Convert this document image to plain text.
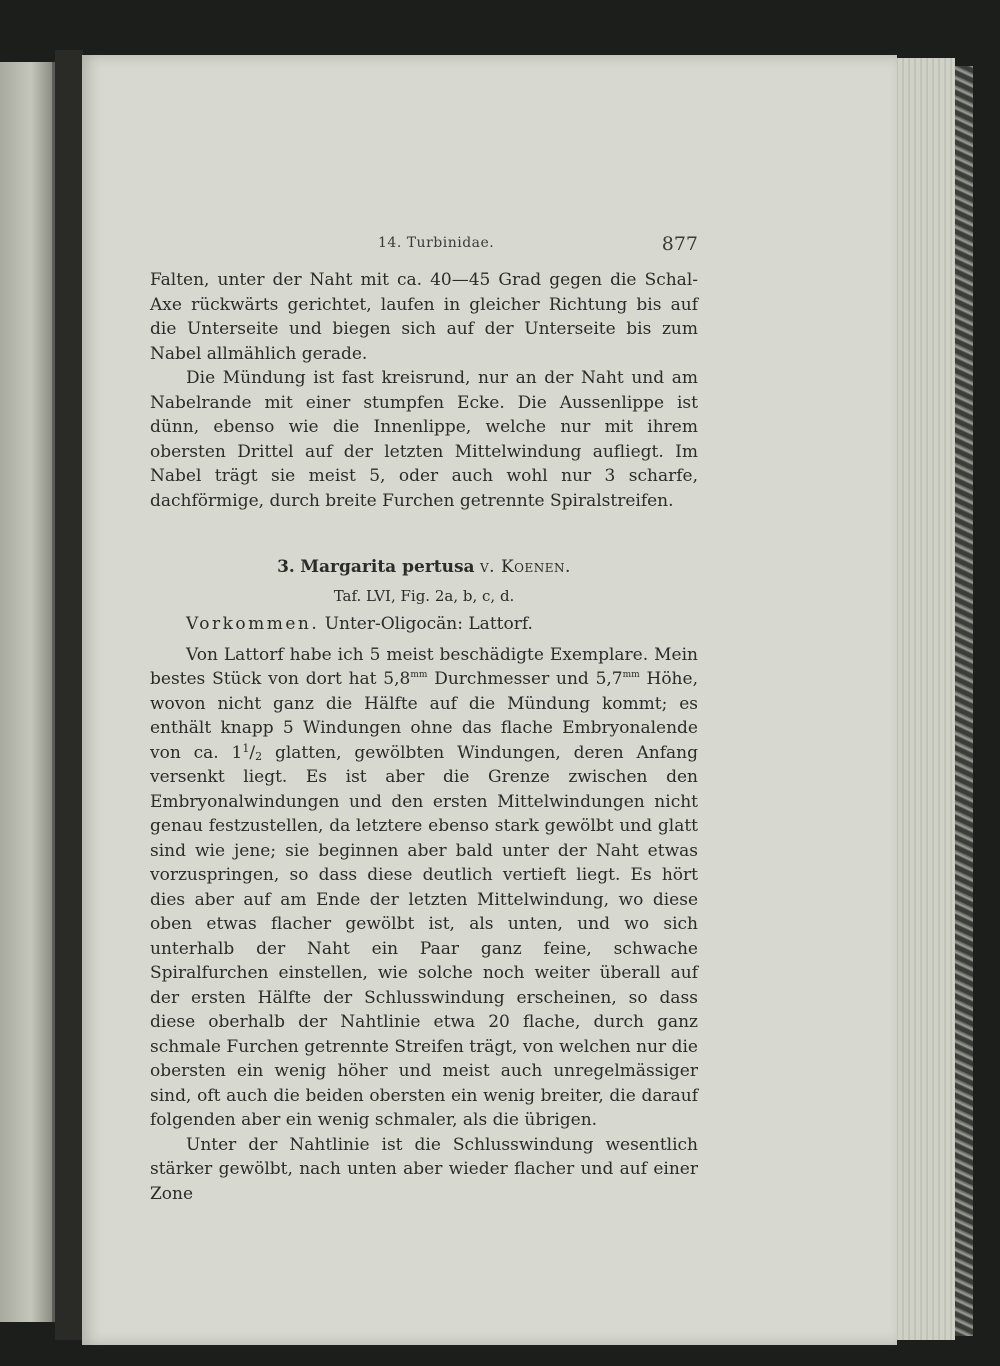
14. Turbinidae.	877

Falten, unter der Naht mit ca. 40—45 Grad gegen die Schal-Axe rückwärts gerichtet, laufen in gleicher Richtung bis auf die Unterseite und biegen sich auf der Unterseite bis zum Nabel allmählich gerade.

Die Mündung ist fast kreisrund, nur an der Naht und am Nabelrande mit einer stumpfen Ecke. Die Aussenlippe ist dünn, ebenso wie die Innenlippe, welche nur mit ihrem obersten Drittel auf der letzten Mittelwindung aufliegt. Im Nabel trägt sie meist 5, oder auch wohl nur 3 scharfe, dachförmige, durch breite Furchen getrennte Spiralstreifen.

3. Margarita pertusa v. Koenen.

Taf. LVI, Fig. 2a, b, c, d.

Vorkommen. Unter-Oligocän: Lattorf.

Von Lattorf habe ich 5 meist beschädigte Exemplare. Mein bestes Stück von dort hat $5,8^{mm}$ Durchmesser und $5,7^{mm}$ Höhe, wovon nicht ganz die Hälfte auf die Mündung kommt; es enthält knapp 5 Windungen ohne das flache Embryonalende von ca. $1^1/_2$ glatten, gewölbten Windungen, deren Anfang versenkt liegt. Es ist aber die Grenze zwischen den Embryonalwindungen und den ersten Mittelwindungen nicht genau festzustellen, da letztere ebenso stark gewölbt und glatt sind wie jene; sie beginnen aber bald unter der Naht etwas vorzuspringen, so dass diese deutlich vertieft liegt. Es hört dies aber auf am Ende der letzten Mittelwindung, wo diese oben etwas flacher gewölbt ist, als unten, und wo sich unterhalb der Naht ein Paar ganz feine, schwache Spiralfurchen einstellen, wie solche noch weiter überall auf der ersten Hälfte der Schlusswindung erscheinen, so dass diese oberhalb der Nahtlinie etwa 20 flache, durch ganz schmale Furchen getrennte Streifen trägt, von welchen nur die obersten ein wenig höher und meist auch unregelmässiger sind, oft auch die beiden obersten ein wenig breiter, die darauf folgenden aber ein wenig schmaler, als die übrigen.

Unter der Nahtlinie ist die Schlusswindung wesentlich stärker gewölbt, nach unten aber wieder flacher und auf einer Zone
